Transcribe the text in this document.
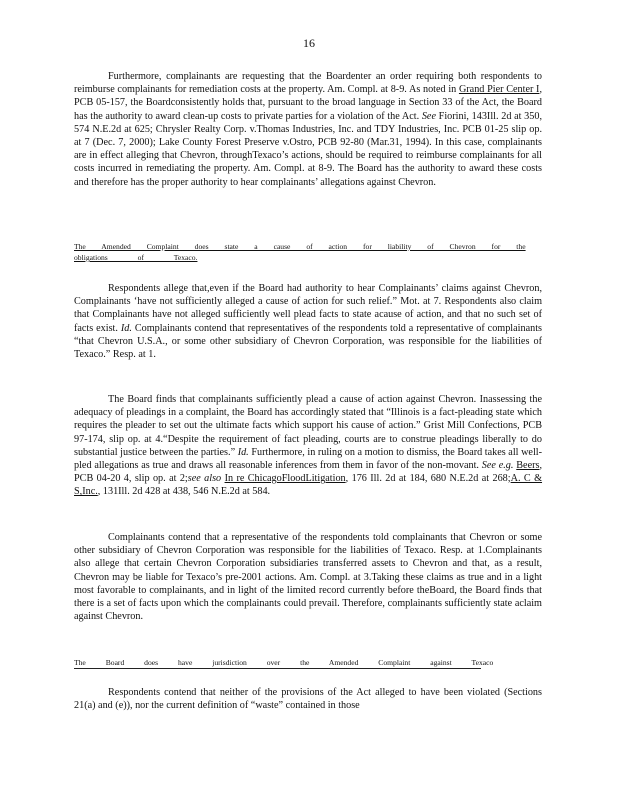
16

Furthermore, complainants are requesting that the Boardenter an order requiring both respondents to reimburse complainants for remediation costs at the property. Am. Compl. at 8-9. As noted in Grand Pier Center I, PCB 05-157, the Boardconsistently holds that, pursuant to the broad language in Section 33 of the Act, the Board has the authority to award clean-up costs to private parties for a violation of the Act. See Fiorini, 143Ill. 2d at 350, 574 N.E.2d at 625; Chrysler Realty Corp. v.Thomas Industries, Inc. and TDY Industries, Inc. PCB 01-25 slip op. at 7 (Dec. 7, 2000); Lake County Forest Preserve v.Ostro, PCB 92-80 (Mar.31, 1994). In this case, complainants are in effect alleging that Chevron, throughTexaco’s actions, should be required to reimburse complainants for all costs incurred in remediating the property. Am. Compl. at 8-9. The Board has the authority to award these costs and therefore has the proper authority to hear complainants’ allegations against Chevron.

The Amended Complaint does state a cause of action for liability of Chevron for the
obligations of Texaco.

Respondents allege that,even if the Board had authority to hear Complainants’ claims against Chevron, Complainants ‘have not sufficiently alleged a cause of action for such relief.” Mot. at 7. Respondents also claim that Complainants have not alleged sufficiently well plead facts to state acause of action, and that no such set of facts exist. Id. Complainants contend that representatives of the respondents told a representative of complainants “that Chevron U.S.A., or some other subsidiary of Chevron Corporation, was responsible for the liabilities of Texaco.” Resp. at 1.

The Board finds that complainants sufficiently plead a cause of action against Chevron. Inassessing the adequacy of pleadings in a complaint, the Board has accordingly stated that “Illinois is a fact-pleading state which requires the pleader to set out the ultimate facts which support his cause of action.” Grist Mill Confections, PCB 97-174, slip op. at 4.“Despite the requirement of fact pleading, courts are to construe pleadings liberally to do substantial justice between the parties.” Id. Furthermore, in ruling on a motion to dismiss, the Board takes all well-pled allegations as true and draws all reasonable inferences from them in favor of the non-movant. See e.g. Beers, PCB 04-20 4, slip op. at 2;see also In re ChicagoFloodLitigation, 176 Ill. 2d at 184, 680 N.E.2d at 268;A. C & S,Inc., 131Ill. 2d 428 at 438, 546 N.E.2d at 584.

Complainants contend that a representative of the respondents told complainants that Chevron or some other subsidiary of Chevron Corporation was responsible for the liabilities of Texaco. Resp. at 1.Complainants also allege that certain Chevron Corporation subsidiaries transferred assets to Chevron and that, as a result, Chevron may be liable for Texaco’s pre-2001 actions. Am. Compl. at 3.Taking these claims as true and in a light most favorable to complainants, and in light of the limited record currently before theBoard, the Board finds that there is a set of facts upon which the complainants could prevail. Therefore, complainants sufficiently state aclaim against Chevron.

The Board does have jurisdiction over the Amended Complaint against Texaco

Respondents contend that neither of the provisions of the Act alleged to have been violated (Sections 21(a) and (e)), nor the current definition of “waste” contained in those
